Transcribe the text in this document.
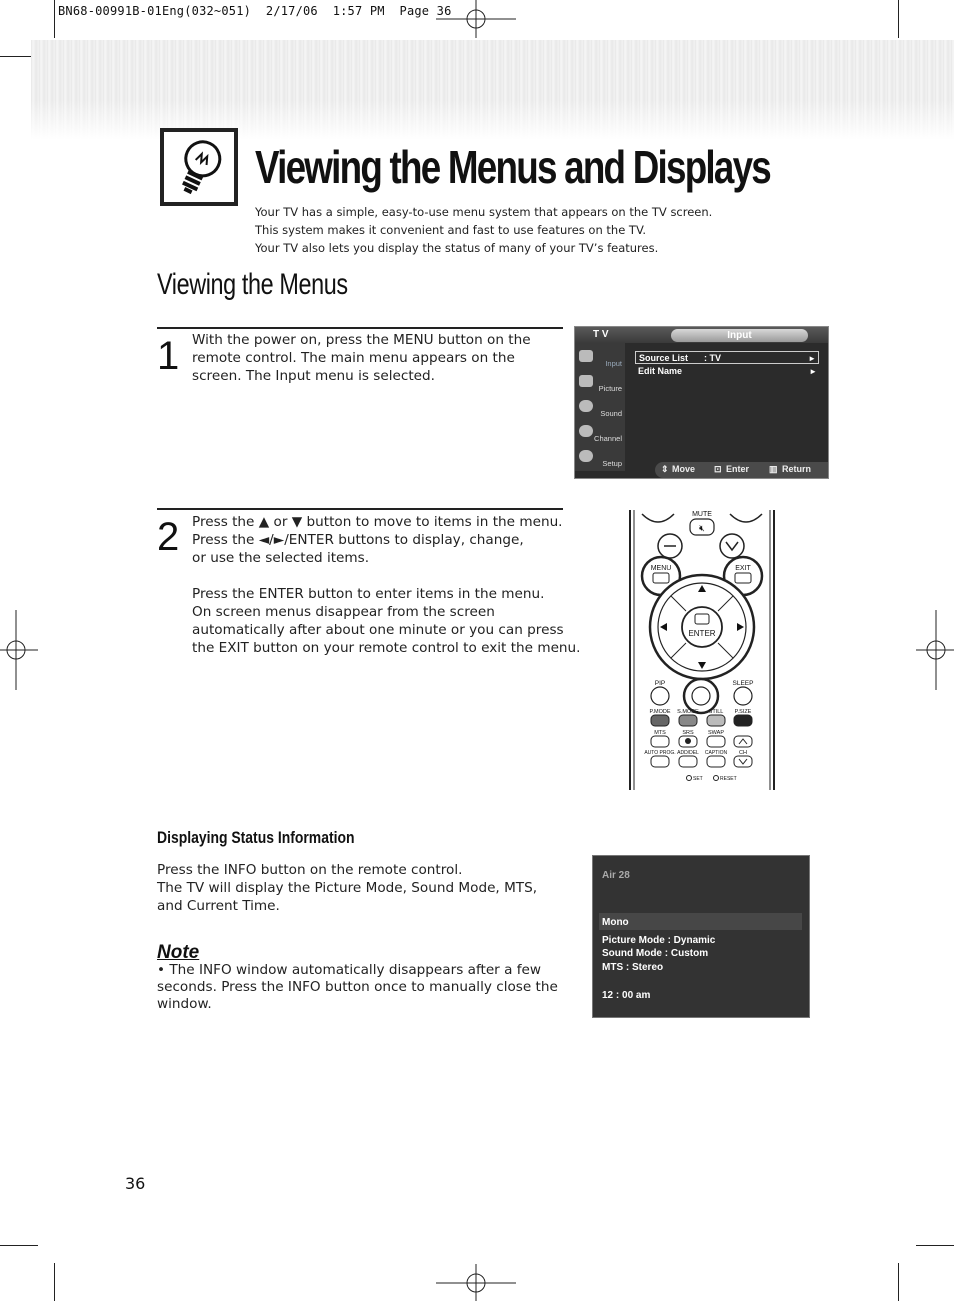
BN68-00991B-01Eng(032~051)  2/17/06  1:57 PM  Page 36
Viewing the Menus and Displays
Your TV has a simple, easy-to-use menu system that appears on the TV screen.
This system makes it convenient and fast to use features on the TV.
Your TV also lets you display the status of many of your TV’s features.
Viewing the Menus
1 With the power on, press the MENU button on the
remote control. The main menu appears on the
screen. The Input menu is selected.
T V	Input
Input
Picture
Sound
Channel
Setup
Source List : TV	►
Edit Name	►
⇕ Move ⊡ Enter ▥ Return
2 Press the ▲ or ▼ button to move to items in the menu.
Press the ◄/►/ENTER buttons to display, change,
or use the selected items.
Press the ENTER button to enter items in the menu.
On screen menus disappear from the screen
automatically after about one minute or you can press
the EXIT button on your remote control to exit the menu.
MUTE
🔇︎
MENU	EXIT
ENTER
PIP	SLEEP
P.MODE S.MODE STILL P.SIZE
MTS	SRS	SWAP
AUTO PROG. ADD/DEL CAPTION CH
SET	RESET
Displaying Status Information
Press the INFO button on the remote control.
The TV will display the Picture Mode, Sound Mode, MTS,
and Current Time.
Note
• The INFO window automatically disappears after a few
seconds. Press the INFO button once to manually close the
window.
Air 28
Mono
Picture Mode : Dynamic
Sound Mode : Custom
MTS : Stereo
12 : 00 am
36
